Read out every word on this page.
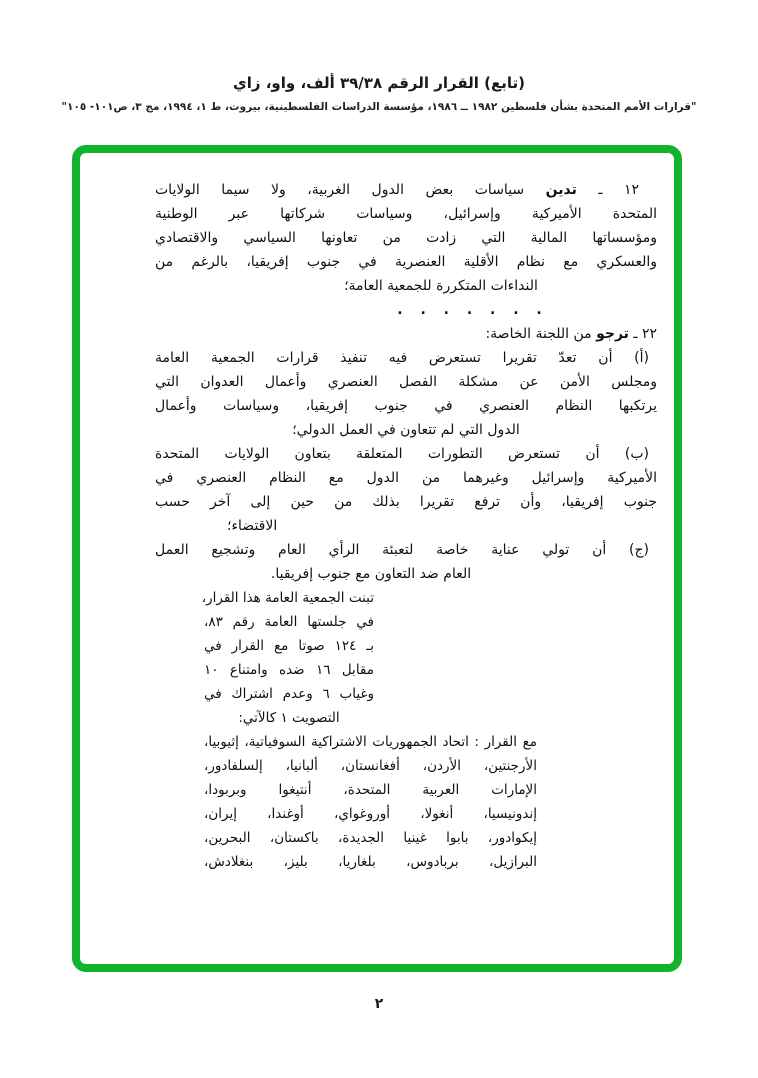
(تابع) القرار الرقم ٣٩/٣٨ ألف، واو، زاي
"قرارات الأمم المتحدة بشأن فلسطين ١٩٨٢ ــ ١٩٨٦، مؤسسة الدراسات الفلسطينية، بيروت، ط ١، ١٩٩٤، مج ٣، ص١٠١- ١٠٥"
١٢ ـ تدين سياسات بعض الدول الغربية، ولا سيما الولايات
المتحدة الأميركية وإسرائيل، وسياسات شركاتها عبر الوطنية
ومؤسساتها المالية التي زادت من تعاونها السياسي والاقتصادي
والعسكري مع نظام الأقلية العنصرية في جنوب إفريقيا، بالرغم من
النداءات المتكررة للجمعية العامة؛
. . . . . . .
٢٢ ـ ترجو من اللجنة الخاصة:
(أ) أن تعدّ تقريرا تستعرض فيه تنفيذ قرارات الجمعية العامة
ومجلس الأمن عن مشكلة الفصل العنصري وأعمال العدوان التي
يرتكبها النظام العنصري في جنوب إفريقيا، وسياسات وأعمال
الدول التي لم تتعاون في العمل الدولي؛
(ب) أن تستعرض التطورات المتعلقة بتعاون الولايات المتحدة
الأميركية وإسرائيل وغيرهما من الدول مع النظام العنصري في
جنوب إفريقيا، وأن ترفع تقريرا بذلك من حين إلى آخر حسب
الاقتضاء؛
(ج) أن تولي عناية خاصة لتعبئة الرأي العام وتشجيع العمل
العام ضد التعاون مع جنوب إفريقيا.
تبنت الجمعية العامة هذا القرار،
في جلستها العامة رقم ٨٣،
بـ ١٢٤ صوتا مع القرار في
مقابل ١٦ ضده وامتناع ١٠
وغياب ٦ وعدم اشتراك في
التصويت ١ كالآتي:
مع القرار : اتحاد الجمهوريات الاشتراكية السوفياتية، إثيوبيا،
الأرجنتين، الأردن، أفغانستان، ألبانيا، إلسلفادور،
الإمارات العربية المتحدة، أنتيغوا وبربودا،
إندونيسيا، أنغولا، أوروغواي، أوغندا، إيران،
إيكوادور، بابوا غينيا الجديدة، باكستان، البحرين،
البرازيل، بربادوس، بلغاريا، بليز، بنغلادش،
٢
